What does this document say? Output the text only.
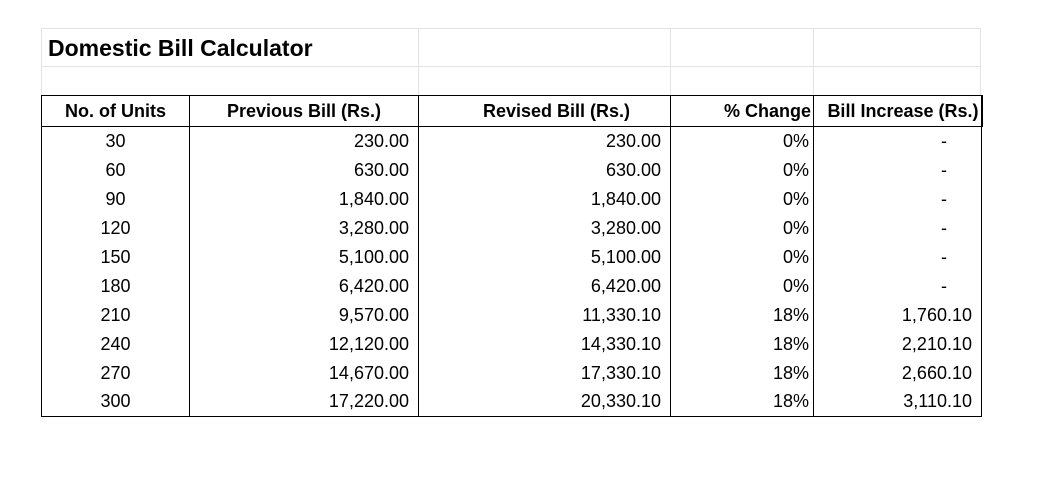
Domestic Bill Calculator
No. of Units	Previous Bill (Rs.)	Revised Bill (Rs.)	% Change	Bill Increase (Rs.)
30	230.00	230.00	0%	-
60	630.00	630.00	0%	-
90	1,840.00	1,840.00	0%	-
120	3,280.00	3,280.00	0%	-
150	5,100.00	5,100.00	0%	-
180	6,420.00	6,420.00	0%	-
210	9,570.00	11,330.10	18%	1,760.10
240	12,120.00	14,330.10	18%	2,210.10
270	14,670.00	17,330.10	18%	2,660.10
300	17,220.00	20,330.10	18%	3,110.10
